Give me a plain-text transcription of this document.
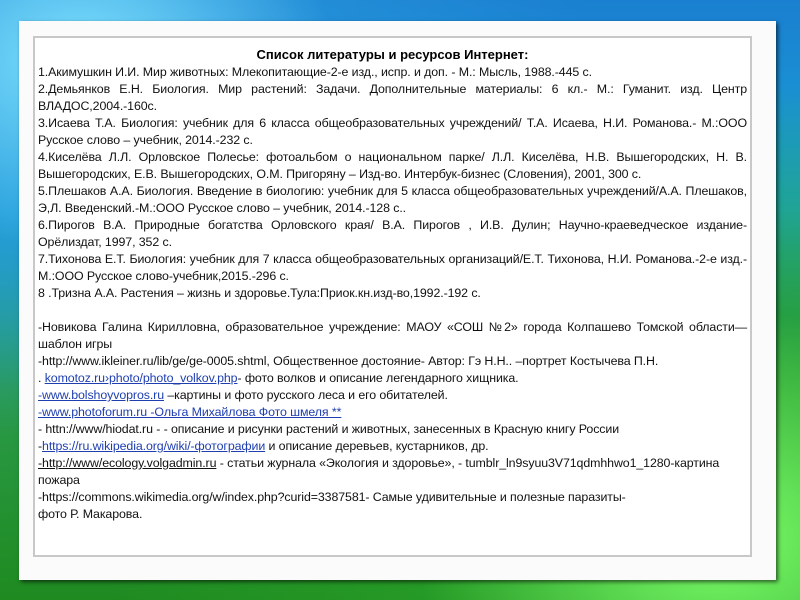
Список литературы и ресурсов Интернет:

1.Акимушкин И.И. Мир животных: Млекопитающие-2-е изд., испр. и доп. - М.: Мысль, 1988.-445 с.

2.Демьянков Е.Н. Биология. Мир растений: Задачи. Дополнительные материалы: 6 кл.- М.: Гуманит. изд. Центр ВЛАДОС,2004.-160с.

3.Исаева Т.А. Биология: учебник для 6 класса общеобразовательных учреждений/ Т.А. Исаева, Н.И. Романова.- М.:ООО Русское слово – учебник, 2014.-232 с.

4.Киселёва Л.Л. Орловское Полесье: фотоальбом о национальном парке/ Л.Л. Киселёва, Н.В. Вышегородских, Н. В. Вышегородских, Е.В. Вышегородских, О.М. Пригоряну – Изд-во. Интербук-бизнес (Словения), 2001, 300 с.

5.Плешаков А.А. Биология. Введение в биологию: учебник для 5 класса общеобразовательных учреждений/А.А. Плешаков, Э,Л. Введенский.-М.:ООО Русское слово – учебник, 2014.-128 с..

6.Пирогов В.А. Природные богатства Орловского края/ В.А. Пирогов , И.В. Дулин; Научно-краеведческое издание-Орёлиздат, 1997, 352 с.

7.Тихонова Е.Т. Биология: учебник для 7 класса общеобразовательных организаций/Е.Т. Тихонова, Н.И. Романова.-2-е изд.-М.:ООО Русское слово-учебник,2015.-296 с.

8 .Тризна А.А. Растения – жизнь и здоровье.Тула:Приок.кн.изд-во,1992.-192 с.

-Новикова Галина Кирилловна, образовательное учреждение: МАОУ «СОШ №2» города Колпашево Томской области—шаблон игры

-http://www.ikleiner.ru/lib/ge/ge-0005.shtml, Общественное достояние- Автор: Гэ Н.Н.. –портрет Костычева П.Н.

. komotoz.ru›photo/photo_volkov.php- фото волков и описание легендарного хищника.

-www.bolshoyvopros.ru –картины и фото русского леса и его обитателей.

-www.photoforum.ru -Ольга Михайлова Фото шмеля **

- httn://www/hiodat.ru - - описание и рисунки растений и животных, занесенных в Красную книгу России

-https://ru.wikipedia.org/wiki/-фотографии и описание деревьев, кустарников, др.

-http://www/ecology.volgadmin.ru - статьи журнала «Экология и здоровье», - tumblr_ln9syuu3V71qdmhhwo1_1280-картина пожара

-https://commons.wikimedia.org/w/index.php?curid=3387581- Самые удивительные и полезные паразиты-

фото Р. Макарова.
